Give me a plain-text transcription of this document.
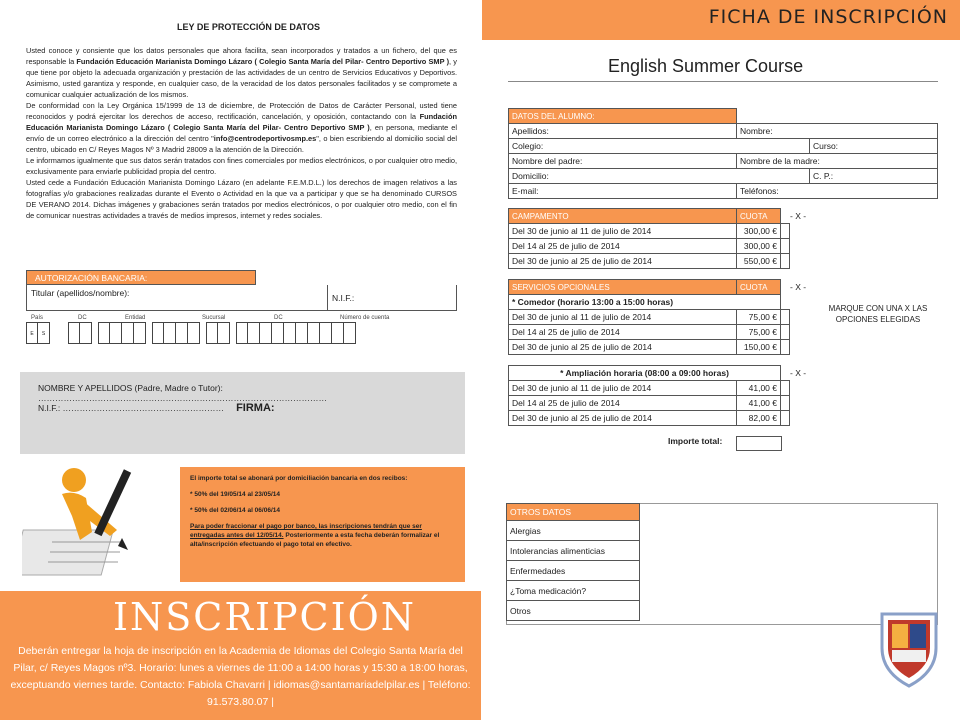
LEY DE PROTECCIÓN DE DATOS

Usted conoce y consiente que los datos personales que ahora facilita, sean incorporados y tratados a un fichero, del que es responsable la Fundación Educación Marianista Domingo Lázaro ( Colegio Santa María del Pilar- Centro Deportivo SMP ), y que tiene por objeto la adecuada organización y prestación de las actividades de un centro de Servicios Educativos y Deportivos. Asimismo, usted garantiza y responde, en cualquier caso, de la veracidad de los datos personales facilitados y se compromete a comunicar cualquier actualización de los mismos.

De conformidad con la Ley Orgánica 15/1999 de 13 de diciembre, de Protección de Datos de Carácter Personal, usted tiene reconocidos y podrá ejercitar los derechos de acceso, rectificación, cancelación, y oposición, contactando con la Fundación Educación Marianista Domingo Lázaro ( Colegio Santa María del Pilar- Centro Deportivo SMP ), en persona, mediante el envío de un correo electrónico a la dirección del centro "info@centrodeportivosmp.es", o bien escribiendo al domicilio social del centro, ubicado en C/ Reyes Magos Nº 3 Madrid 28009 a la atención de la Dirección.

Le informamos igualmente que sus datos serán tratados con fines comerciales por medios electrónicos, o por cualquier otro medio, exclusivamente para enviarle publicidad propia del centro.

Usted cede a Fundación Educación Marianista Domingo Lázaro (en adelante F.E.M.D.L.) los derechos de imagen relativos a las fotografías y/o grabaciones realizadas durante el Evento o Actividad en la que va a participar y que se ha denominado CURSOS DE VERANO 2014. Dichas imágenes y grabaciones serán tratados por medios electrónicos, o por cualquier otro medio, con el fin de comunicar nuestras actividades a través de medios impresos, internet y redes sociales.

AUTORIZACIÓN BANCARIA:
Titular (apellidos/nombre):	N.I.F.:
País	DC	Entidad	Sucursal	DC	Número de cuenta
E	S
NOMBRE Y APELLIDOS (Padre, Madre o Tutor): …………………………………………………………………………………………
N.I.F.: ………………………………………………… FIRMA:

El importe total se abonará por domiciliación bancaria en dos recibos:

* 50% del 19/05/14 al 23/05/14

* 50% del 02/06/14 al 06/06/14

Para poder fraccionar el pago por banco, las inscripciones tendrán que ser entregadas antes del 12/05/14. Posteriormente a esta fecha deberán formalizar el alta/inscripción efectuando el pago total en efectivo.

INSCRIPCIÓN
Deberán entregar la hoja de inscripción en la Academia de Idiomas del Colegio Santa María del Pilar, c/ Reyes Magos nº3. Horario: lunes a viernes de 11:00 a 14:00 horas y 15:30 a 18:00 horas, exceptuando viernes tarde. Contacto: Fabiola Chavarri | idiomas@santamariadelpilar.es | Teléfono: 91.573.80.07 |
FICHA DE INSCRIPCIÓN
English Summer Course
DATOS DEL ALUMNO:		
Apellidos:	Nombre:	
Colegio:		Curso:
Nombre del padre:	Nombre de la madre:	
Domicilio:		C. P.:
E-mail:	Teléfonos:	
CAMPAMENTO	CUOTA	
Del 30 de junio al 11 de julio de 2014	300,00 €	
Del 14 al 25 de julio de 2014	300,00 €	
Del 30 de junio al 25 de julio de 2014	550,00 €	
- X -
SERVICIOS OPCIONALES	CUOTA	
* Comedor (horario 13:00 a 15:00 horas)		
Del 30 de junio al 11 de julio de 2014	75,00 €	
Del 14 al 25 de julio de 2014	75,00 €	
Del 30 de junio al 25 de julio de 2014	150,00 €	
- X -
MARQUE CON UNA X LAS OPCIONES ELEGIDAS
* Ampliación horaria (08:00 a 09:00 horas)		
Del 30 de junio al 11 de julio de 2014	41,00 €	
Del 14 al 25 de julio de 2014	41,00 €	
Del 30 de junio al 25 de julio de 2014	82,00 €	
- X -
Importe total:
OTROS DATOS
Alergias
Intolerancias alimenticias
Enfermedades
¿Toma medicación?
Otros
